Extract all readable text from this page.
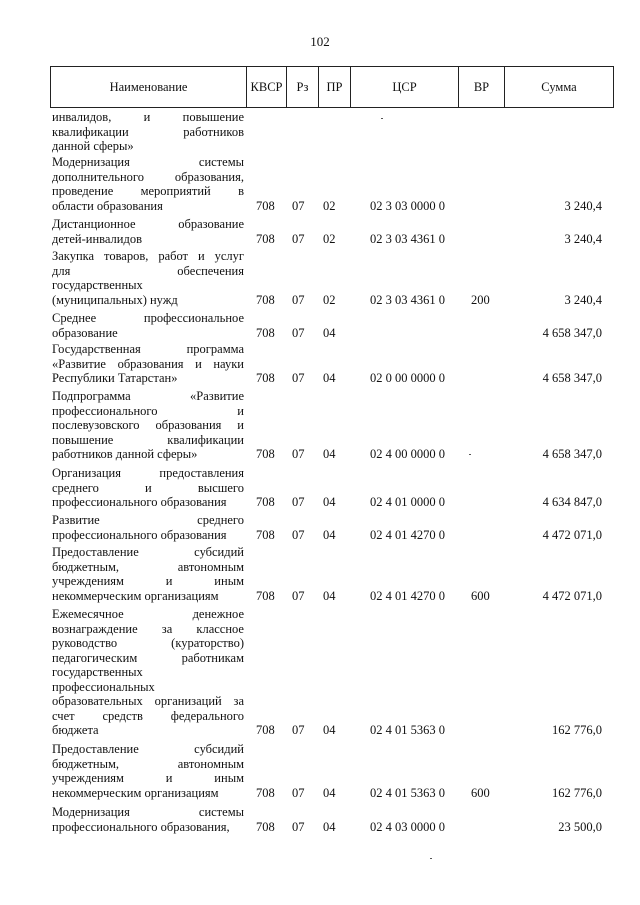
102
Наименование	КВСР	Рз	ПР	ЦСР	ВР	Сумма
инвалидов, и повышение
квалификации работников
данной сферы»
Модернизация системы
дополнительного образования,
проведение мероприятий в
области образования	708 07 02	02 3 03 0000 0	3 240,4
Дистанционное образование
детей-инвалидов	708 07 02	02 3 03 4361 0	3 240,4
Закупка товаров, работ и услуг
для обеспечения
государственных
(муниципальных) нужд	708 07 02	02 3 03 4361 0 200	3 240,4
Среднее профессиональное
образование	708 07 04	4 658 347,0
Государственная программа
«Развитие образования и науки
Республики Татарстан»	708 07 04	02 0 00 0000 0	4 658 347,0
Подпрограмма «Развитие
профессионального и
послевузовского образования и
повышение квалификации
работников данной сферы»	708 07 04	02 4 00 0000 0	4 658 347,0
Организация предоставления
среднего и высшего
профессионального образования	708 07 04	02 4 01 0000 0	4 634 847,0
Развитие среднего
профессионального образования	708 07 04	02 4 01 4270 0	4 472 071,0
Предоставление субсидий
бюджетным, автономным
учреждениям и иным
некоммерческим организациям	708 07 04	02 4 01 4270 0 600	4 472 071,0
Ежемесячное денежное
вознаграждение за классное
руководство (кураторство)
педагогическим работникам
государственных
профессиональных
образовательных организаций за
счет средств федерального
бюджета	708 07 04	02 4 01 5363 0	162 776,0
Предоставление субсидий
бюджетным, автономным
учреждениям и иным
некоммерческим организациям	708 07 04	02 4 01 5363 0 600	162 776,0
Модернизация системы
профессионального образования,	708 07 04	02 4 03 0000 0	23 500,0
